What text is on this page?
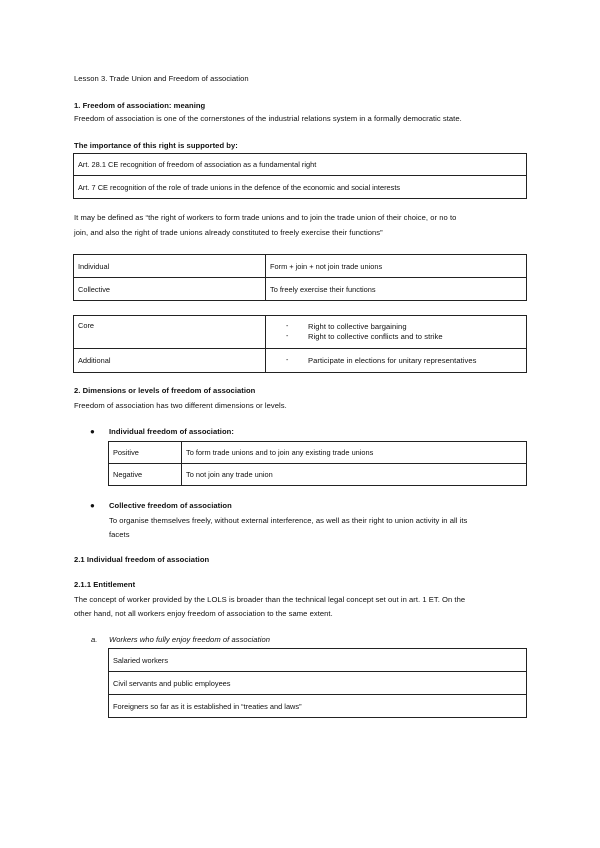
Lesson 3. Trade Union and Freedom of association
1. Freedom of association: meaning
Freedom of association is one of the cornerstones of the industrial relations system in a formally democratic state.
The importance of this right is supported by:
Art. 28.1 CE recognition of freedom of association as a fundamental right
Art. 7 CE recognition of the role of trade unions in the defence of the economic and social interests
It may be defined as “the right of workers to form trade unions and to join the trade union of their choice, or no to
join, and also the right of trade unions already constituted to freely exercise their functions”
Individual	Form + join + not join trade unions
Collective	To freely exercise their functions
Core	- Right to collective bargaining
- Right to collective conflicts and to strike

Additional	- Participate in elections for unitary representatives
2. Dimensions or levels of freedom of association
Freedom of association has two different dimensions or levels.
● Individual freedom of association:
Positive	To form trade unions and to join any existing trade unions
Negative	To not join any trade union
● Collective freedom of association
To organise themselves freely, without external interference, as well as their right to union activity in all its
facets
2.1 Individual freedom of association
2.1.1 Entitlement
The concept of worker provided by the LOLS is broader than the technical legal concept set out in art. 1 ET. On the
other hand, not all workers enjoy freedom of association to the same extent.
a. Workers who fully enjoy freedom of association
Salaried workers
Civil servants and public employees
Foreigners so far as it is established in “treaties and laws”
